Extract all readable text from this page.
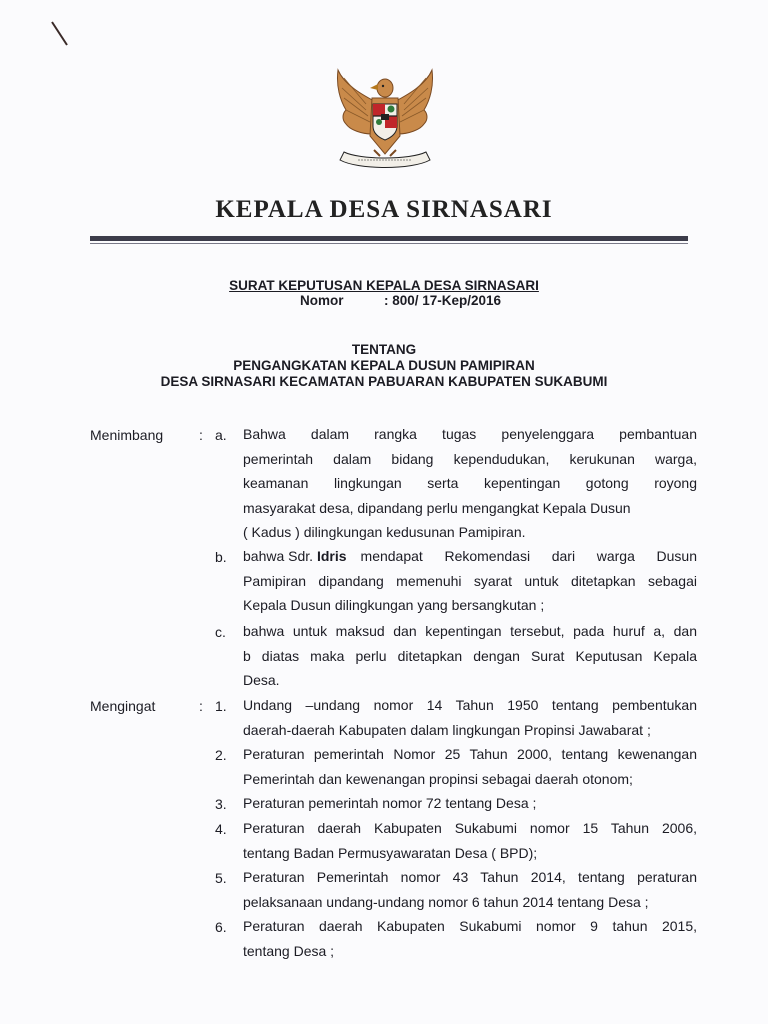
KEPALA DESA SIRNASARI
SURAT KEPUTUSAN KEPALA DESA SIRNASARI
Nomor	: 800/ 17-Kep/2016
TENTANG
PENGANGKATAN KEPALA DUSUN PAMIPIRAN
DESA SIRNASARI KECAMATAN PABUARAN KABUPATEN SUKABUMI
Menimbang	: a. Bahwa dalam rangka tugas penyelenggara pembantuan
pemerintah dalam bidang kependudukan, kerukunan warga,
keamanan lingkungan serta kepentingan gotong royong
masyarakat desa, dipandang perlu mengangkat Kepala Dusun
( Kadus ) dilingkungan kedusunan Pamipiran.
b. bahwa Sdr. Idris mendapat Rekomendasi dari warga Dusun
Pamipiran dipandang memenuhi syarat untuk ditetapkan sebagai
Kepala Dusun dilingkungan yang bersangkutan ;
c. bahwa untuk maksud dan kepentingan tersebut, pada huruf a, dan
b diatas maka perlu ditetapkan dengan Surat Keputusan Kepala
Desa.
Mengingat	: 1. Undang –undang nomor 14 Tahun 1950 tentang pembentukan
daerah-daerah Kabupaten dalam lingkungan Propinsi Jawabarat ;
2. Peraturan pemerintah Nomor 25 Tahun 2000, tentang kewenangan
Pemerintah dan kewenangan propinsi sebagai daerah otonom;
3. Peraturan pemerintah nomor 72 tentang Desa ;
4. Peraturan daerah Kabupaten Sukabumi nomor 15 Tahun 2006,
tentang Badan Permusyawaratan Desa ( BPD);
5. Peraturan Pemerintah nomor 43 Tahun 2014, tentang peraturan
pelaksanaan undang-undang nomor 6 tahun 2014 tentang Desa ;
6. Peraturan daerah Kabupaten Sukabumi nomor 9 tahun 2015,
tentang Desa ;
